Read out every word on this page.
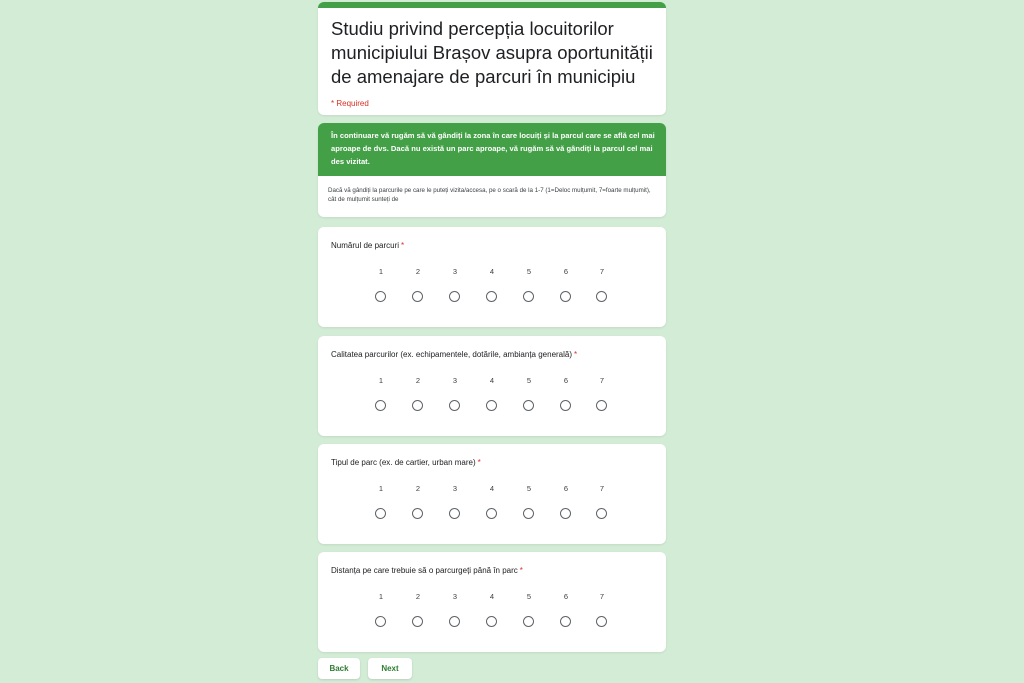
Studiu privind percepția locuitorilor municipiului Brașov asupra oportunității de amenajare de parcuri în municipiu
* Required
În continuare vă rugăm să vă gândiți la zona în care locuiți și la parcul care se află cel mai aproape de dvs. Dacă nu există un parc aproape, vă rugăm să vă gândiți la parcul cel mai des vizitat.
Dacă vă gândiți la parcurile pe care le puteți vizita/accesa, pe o scară de la 1-7 (1=Deloc mulțumit, 7=foarte mulțumit), cât de mulțumit sunteți de
Numărul de parcuri *
1	2	3	4	5	6	7
Calitatea parcurilor (ex. echipamentele, dotările, ambianța generală) *
1	2	3	4	5	6	7
Tipul de parc (ex. de cartier, urban mare) *
1	2	3	4	5	6	7
Distanța pe care trebuie să o parcurgeți până în parc *
1	2	3	4	5	6	7
Back	Next
